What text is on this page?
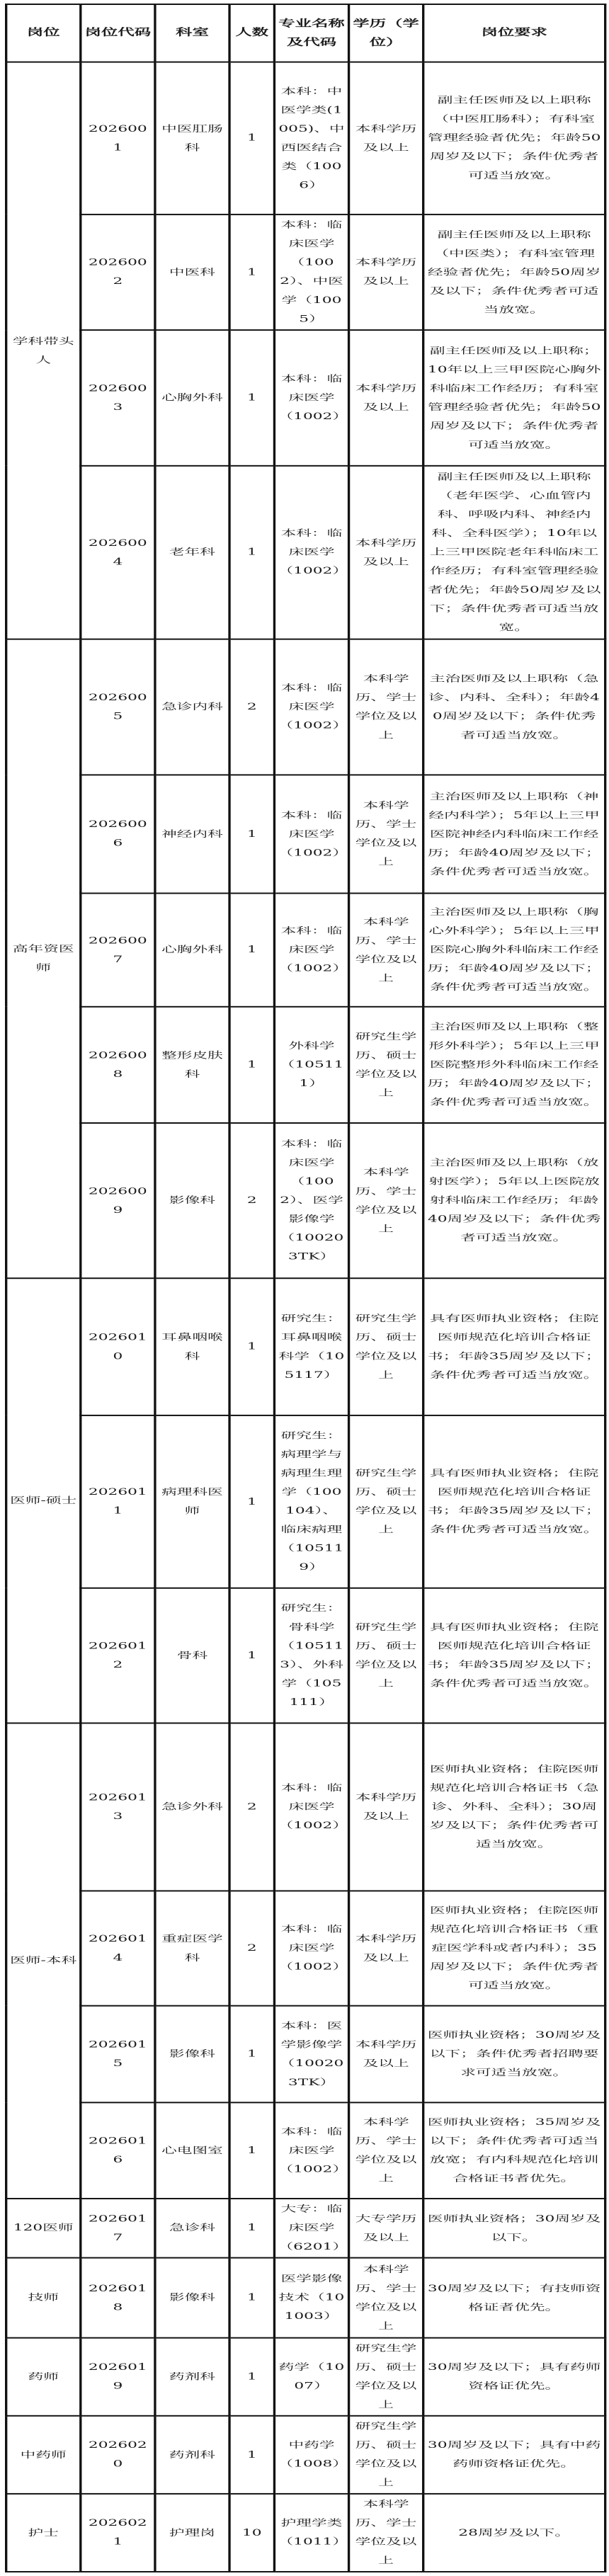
岗位	岗位代码	科室	人数	专业名称及代码	学历（学位）	岗位要求
学科带头人	2026001	中医肛肠科	1	本科：中医学类(1005)、中西医结合类（1006）	本科学历及以上	副主任医师及以上职称（中医肛肠科）；有科室管理经验者优先；年龄50周岁及以下；条件优秀者可适当放宽。
	2026002	中医科	1	本科：临床医学（1002）、中医学（1005）	本科学历及以上	副主任医师及以上职称（中医类）；有科室管理经验者优先；年龄50周岁及以下；条件优秀者可适当放宽。
	2026003	心胸外科	1	本科：临床医学（1002）	本科学历及以上	副主任医师及以上职称；10年以上三甲医院心胸外科临床工作经历；有科室管理经验者优先；年龄50周岁及以下；条件优秀者可适当放宽。
	2026004	老年科	1	本科：临床医学（1002）	本科学历及以上	副主任医师及以上职称（老年医学、心血管内科、呼吸内科、神经内科、全科医学）；10年以上三甲医院老年科临床工作经历；有科室管理经验者优先；年龄50周岁及以下；条件优秀者可适当放宽。
高年资医师	2026005	急诊内科	2	本科：临床医学（1002）	本科学历、学士学位及以上	主治医师及以上职称（急诊、内科、全科）；年龄40周岁及以下；条件优秀者可适当放宽。
	2026006	神经内科	1	本科：临床医学（1002）	本科学历、学士学位及以上	主治医师及以上职称（神经内科学）；5年以上三甲医院神经内科临床工作经历；年龄40周岁及以下；条件优秀者可适当放宽。
	2026007	心胸外科	1	本科：临床医学（1002）	本科学历、学士学位及以上	主治医师及以上职称（胸心外科学）；5年以上三甲医院心胸外科临床工作经历；年龄40周岁及以下；条件优秀者可适当放宽。
	2026008	整形皮肤科	1	外科学（105111）	研究生学历、硕士学位及以上	主治医师及以上职称（整形外科学）；5年以上三甲医院整形外科临床工作经历；年龄40周岁及以下；条件优秀者可适当放宽。
	2026009	影像科	2	本科：临床医学（1002）、医学影像学（100203TK）	本科学历、学士学位及以上	主治医师及以上职称（放射医学）；5年以上医院放射科临床工作经历；年龄40周岁及以下；条件优秀者可适当放宽。
医师-硕士	2026010	耳鼻咽喉科	1	研究生：耳鼻咽喉科学（105117）	研究生学历、硕士学位及以上	具有医师执业资格；住院医师规范化培训合格证书；年龄35周岁及以下；条件优秀者可适当放宽。
	2026011	病理科医师	1	研究生：病理学与病理生理学（100104）、临床病理（105119）	研究生学历、硕士学位及以上	具有医师执业资格；住院医师规范化培训合格证书；年龄35周岁及以下；条件优秀者可适当放宽。
	2026012	骨科	1	研究生：骨科学（105113）、外科学（105111）	研究生学历、硕士学位及以上	具有医师执业资格；住院医师规范化培训合格证书；年龄35周岁及以下；条件优秀者可适当放宽。
医师-本科	2026013	急诊外科	2	本科：临床医学（1002）	本科学历及以上	医师执业资格；住院医师规范化培训合格证书（急诊、外科、全科）；30周岁及以下；条件优秀者可适当放宽。
	2026014	重症医学科	2	本科：临床医学（1002）	本科学历及以上	医师执业资格；住院医师规范化培训合格证书（重症医学科或者内科）；35周岁及以下；条件优秀者可适当放宽。
	2026015	影像科	1	本科：医学影像学（100203TK）	本科学历及以上	医师执业资格；30周岁及以下；条件优秀者招聘要求可适当放宽。
	2026016	心电图室	1	本科：临床医学（1002）	本科学历、学士学位及以上	医师执业资格；35周岁及以下；条件优秀者可适当放宽；有内科规范化培训合格证书者优先。
120医师	2026017	急诊科	1	大专：临床医学（6201）	大专学历及以上	医师执业资格；30周岁及以下。
技师	2026018	影像科	1	医学影像技术（101003）	本科学历、学士学位及以上	30周岁及以下；有技师资格证者优先。
药师	2026019	药剂科	1	药学（1007）	研究生学历、硕士学位及以上	30周岁及以下；具有药师资格证优先。
中药师	2026020	药剂科	1	中药学（1008）	研究生学历、硕士学位及以上	30周岁及以下；具有中药药师资格证优先。
护士	2026021	护理岗	10	护理学类（1011）	本科学历、学士学位及以上	28周岁及以下。
